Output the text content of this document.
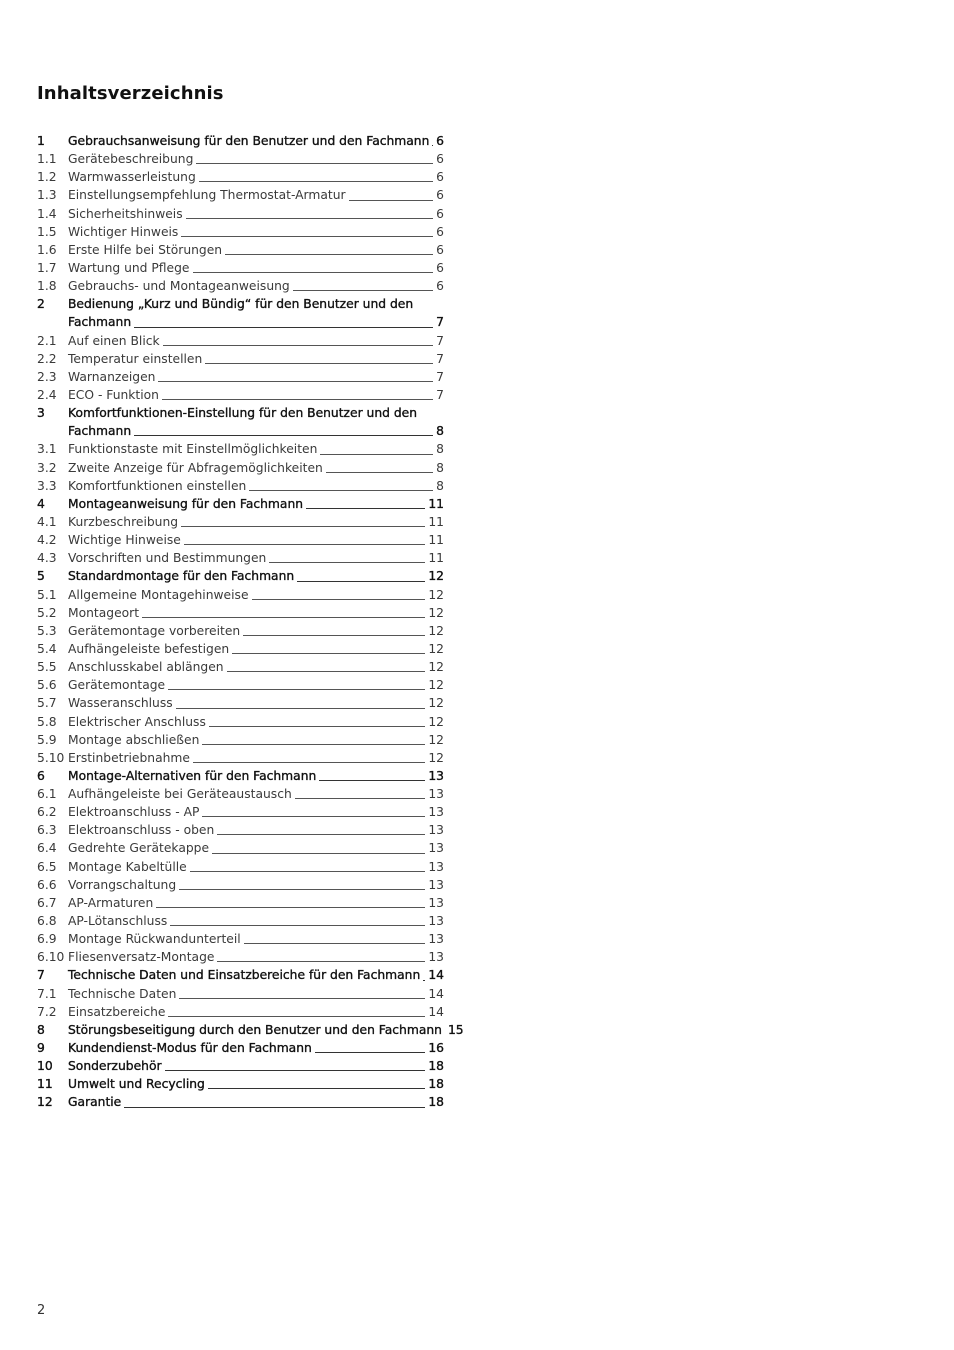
Inhaltsverzeichnis
1	Gebrauchsanweisung für den Benutzer und den Fachmann 6
1.1 Gerätebeschreibung	6
1.2 Warmwasserleistung	6
1.3 Einstellungsempfehlung Thermostat-Armatur	6
1.4 Sicherheitshinweis	6
1.5 Wichtiger Hinweis	6
1.6 Erste Hilfe bei Störungen	6
1.7 Wartung und Pflege	6
1.8 Gebrauchs- und Montageanweisung	6
2	Bedienung „Kurz und Bündig“ für den Benutzer und den
Fachmann	7
2.1 Auf einen Blick	7
2.2 Temperatur einstellen	7
2.3 Warnanzeigen	7
2.4 ECO - Funktion	7
3	Komfortfunktionen-Einstellung für den Benutzer und den
Fachmann	8
3.1 Funktionstaste mit Einstellmöglichkeiten	8
3.2 Zweite Anzeige für Abfragemöglichkeiten	8
3.3 Komfortfunktionen einstellen	8
4	Montageanweisung für den Fachmann	11
4.1 Kurzbeschreibung	11
4.2 Wichtige Hinweise	11
4.3 Vorschriften und Bestimmungen	11
5	Standardmontage für den Fachmann	12
5.1 Allgemeine Montagehinweise	12
5.2 Montageort	12
5.3 Gerätemontage vorbereiten	12
5.4 Aufhängeleiste befestigen	12
5.5 Anschlusskabel ablängen	12
5.6 Gerätemontage	12
5.7 Wasseranschluss	12
5.8 Elektrischer Anschluss	12
5.9 Montage abschließen	12
5.10 Erstinbetriebnahme	12
6	Montage-Alternativen für den Fachmann	13
6.1 Aufhängeleiste bei Geräteaustausch	13
6.2 Elektroanschluss - AP	13
6.3 Elektroanschluss - oben	13
6.4 Gedrehte Gerätekappe	13
6.5 Montage Kabeltülle	13
6.6 Vorrangschaltung	13
6.7 AP-Armaturen	13
6.8 AP-Lötanschluss	13
6.9 Montage Rückwandunterteil	13
6.10 Fliesenversatz-Montage	13
7	Technische Daten und Einsatzbereiche für den Fachmann 14
7.1 Technische Daten	14
7.2 Einsatzbereiche	14
8	Störungsbeseitigung durch den Benutzer und den Fachmann 15
9	Kundendienst-Modus für den Fachmann	16
10	Sonderzubehör	18
11	Umwelt und Recycling	18
12	Garantie	18
2
